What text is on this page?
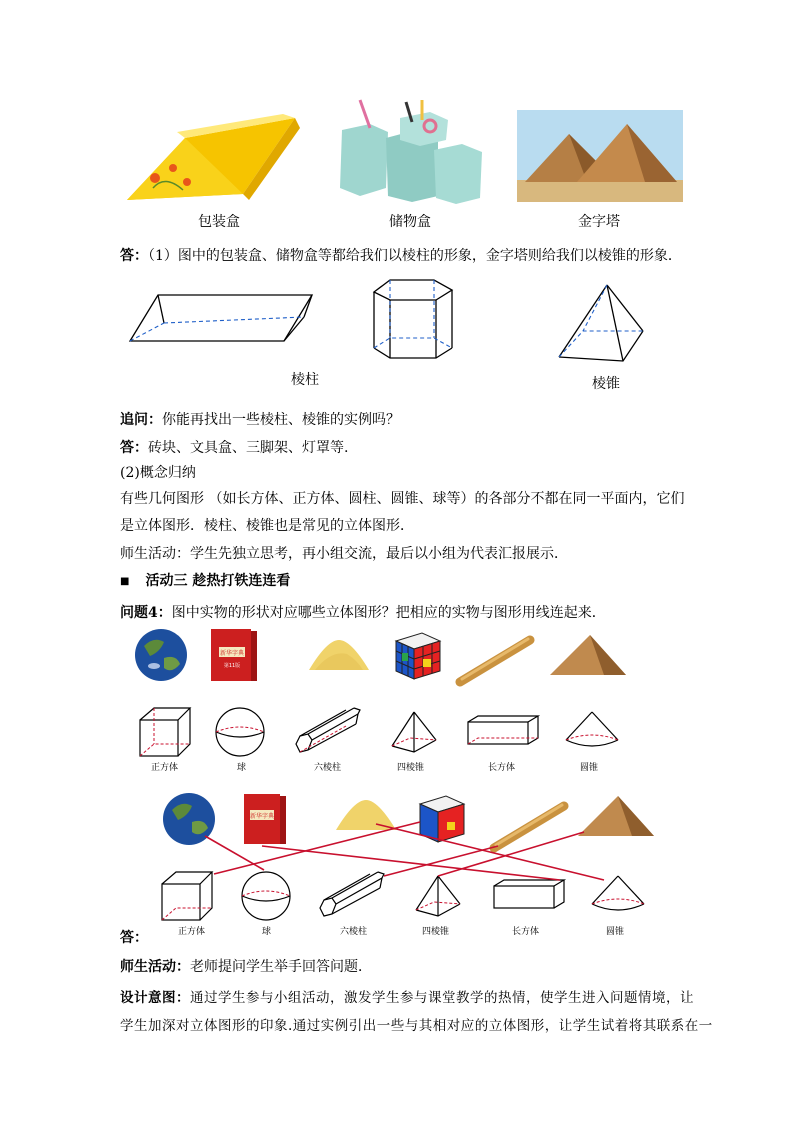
包装盒	储物盒	金字塔
答：（1）图中的包装盒、储物盒等都给我们以棱柱的形象，金字塔则给我们以棱锥的形象．
棱柱	棱锥
追问：你能再找出一些棱柱、棱锥的实例吗？
答：砖块、文具盒、三脚架、灯罩等.
(2)概念归纳
有些几何图形 （如长方体、正方体、圆柱、圆锥、球等）的各部分不都在同一平面内，它们
是立体图形．棱柱、棱锥也是常见的立体图形．
师生活动：学生先独立思考，再小组交流，最后以小组为代表汇报展示．
■ 活动三 趁热打铁连连看
问题4：图中实物的形状对应哪些立体图形？把相应的实物与图形用线连起来．
新华字典
第11版
正方体	球	六棱柱	四棱锥	长方体	圆锥
新华字典
正方体	球	六棱柱	四棱锥	长方体	圆锥
答：
师生活动：老师提问学生举手回答问题．
设计意图：通过学生参与小组活动，激发学生参与课堂教学的热情，使学生进入问题情境，让
学生加深对立体图形的印象.通过实例引出一些与其相对应的立体图形，让学生试着将其联系在一
